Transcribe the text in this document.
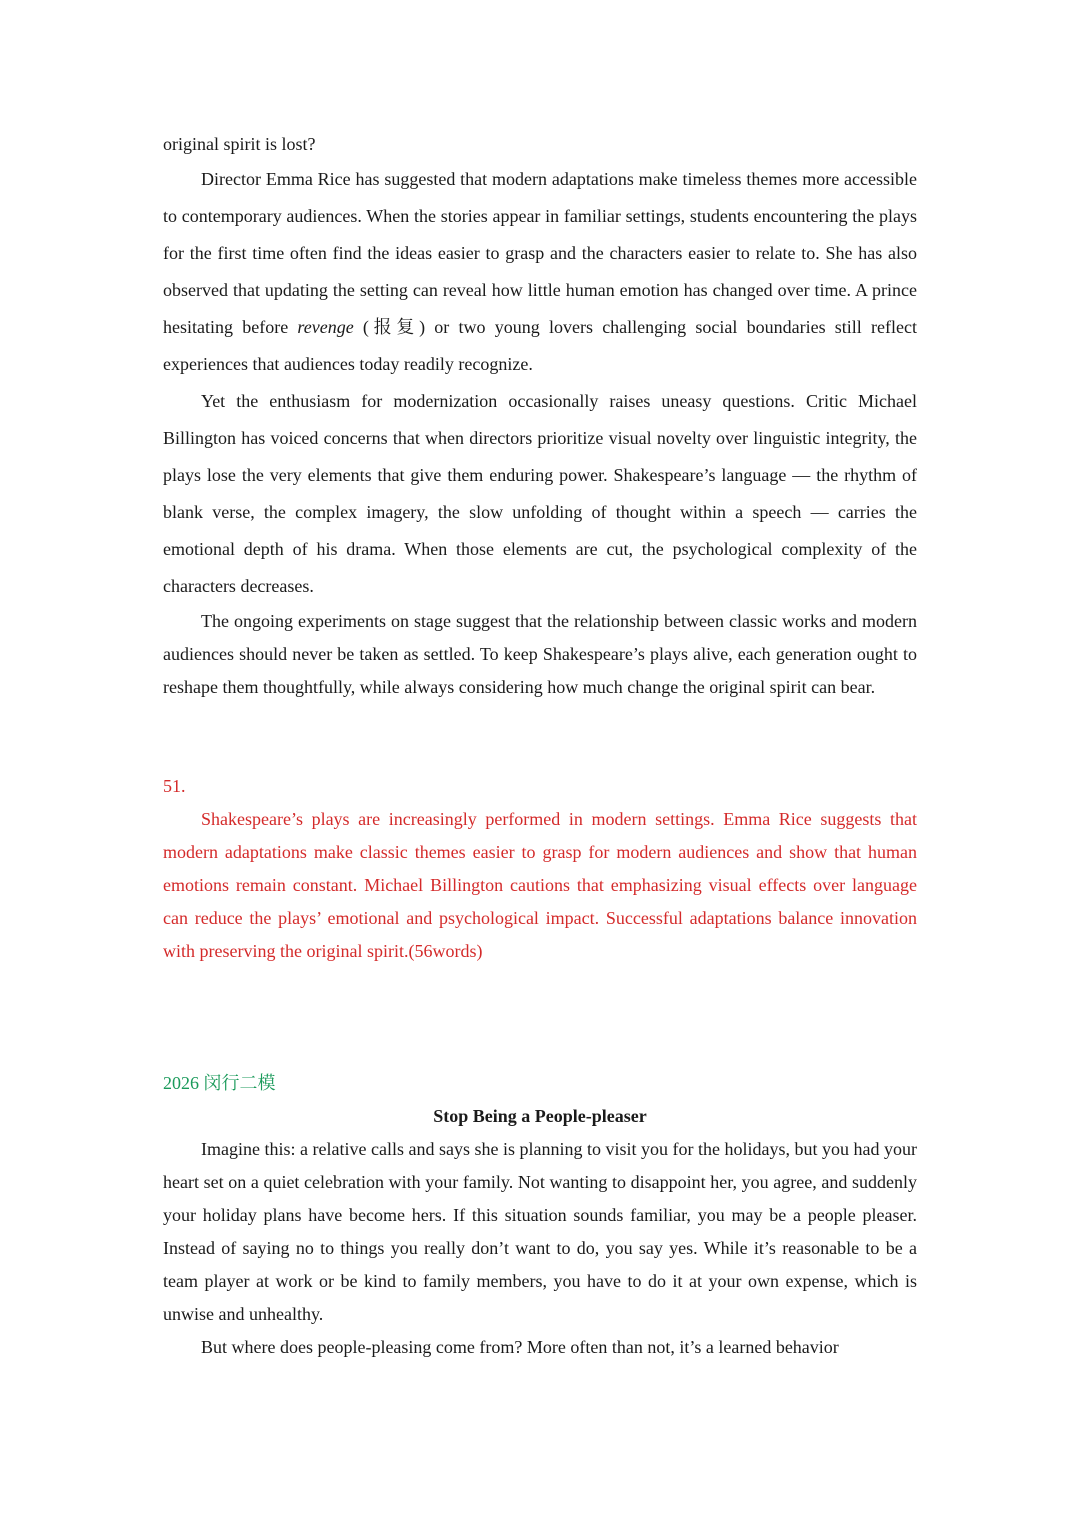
original spirit is lost?

Director Emma Rice has suggested that modern adaptations make timeless themes more accessible to contemporary audiences. When the stories appear in familiar settings, students encountering the plays for the first time often find the ideas easier to grasp and the characters easier to relate to. She has also observed that updating the setting can reveal how little human emotion has changed over time. A prince hesitating before revenge (报复) or two young lovers challenging social boundaries still reflect experiences that audiences today readily recognize.

Yet the enthusiasm for modernization occasionally raises uneasy questions. Critic Michael Billington has voiced concerns that when directors prioritize visual novelty over linguistic integrity, the plays lose the very elements that give them enduring power. Shakespeare’s language — the rhythm of blank verse, the complex imagery, the slow unfolding of thought within a speech — carries the emotional depth of his drama. When those elements are cut, the psychological complexity of the characters decreases.

The ongoing experiments on stage suggest that the relationship between classic works and modern audiences should never be taken as settled. To keep Shakespeare’s plays alive, each generation ought to reshape them thoughtfully, while always considering how much change the original spirit can bear.

51.

Shakespeare’s plays are increasingly performed in modern settings. Emma Rice suggests that modern adaptations make classic themes easier to grasp for modern audiences and show that human emotions remain constant. Michael Billington cautions that emphasizing visual effects over language can reduce the plays’ emotional and psychological impact. Successful adaptations balance innovation with preserving the original spirit.(56words)

2026 闵行二模

Stop Being a People-pleaser

Imagine this: a relative calls and says she is planning to visit you for the holidays, but you had your heart set on a quiet celebration with your family. Not wanting to disappoint her, you agree, and suddenly your holiday plans have become hers. If this situation sounds familiar, you may be a people pleaser. Instead of saying no to things you really don’t want to do, you say yes. While it’s reasonable to be a team player at work or be kind to family members, you have to do it at your own expense, which is unwise and unhealthy.

But where does people-pleasing come from? More often than not, it’s a learned behavior
